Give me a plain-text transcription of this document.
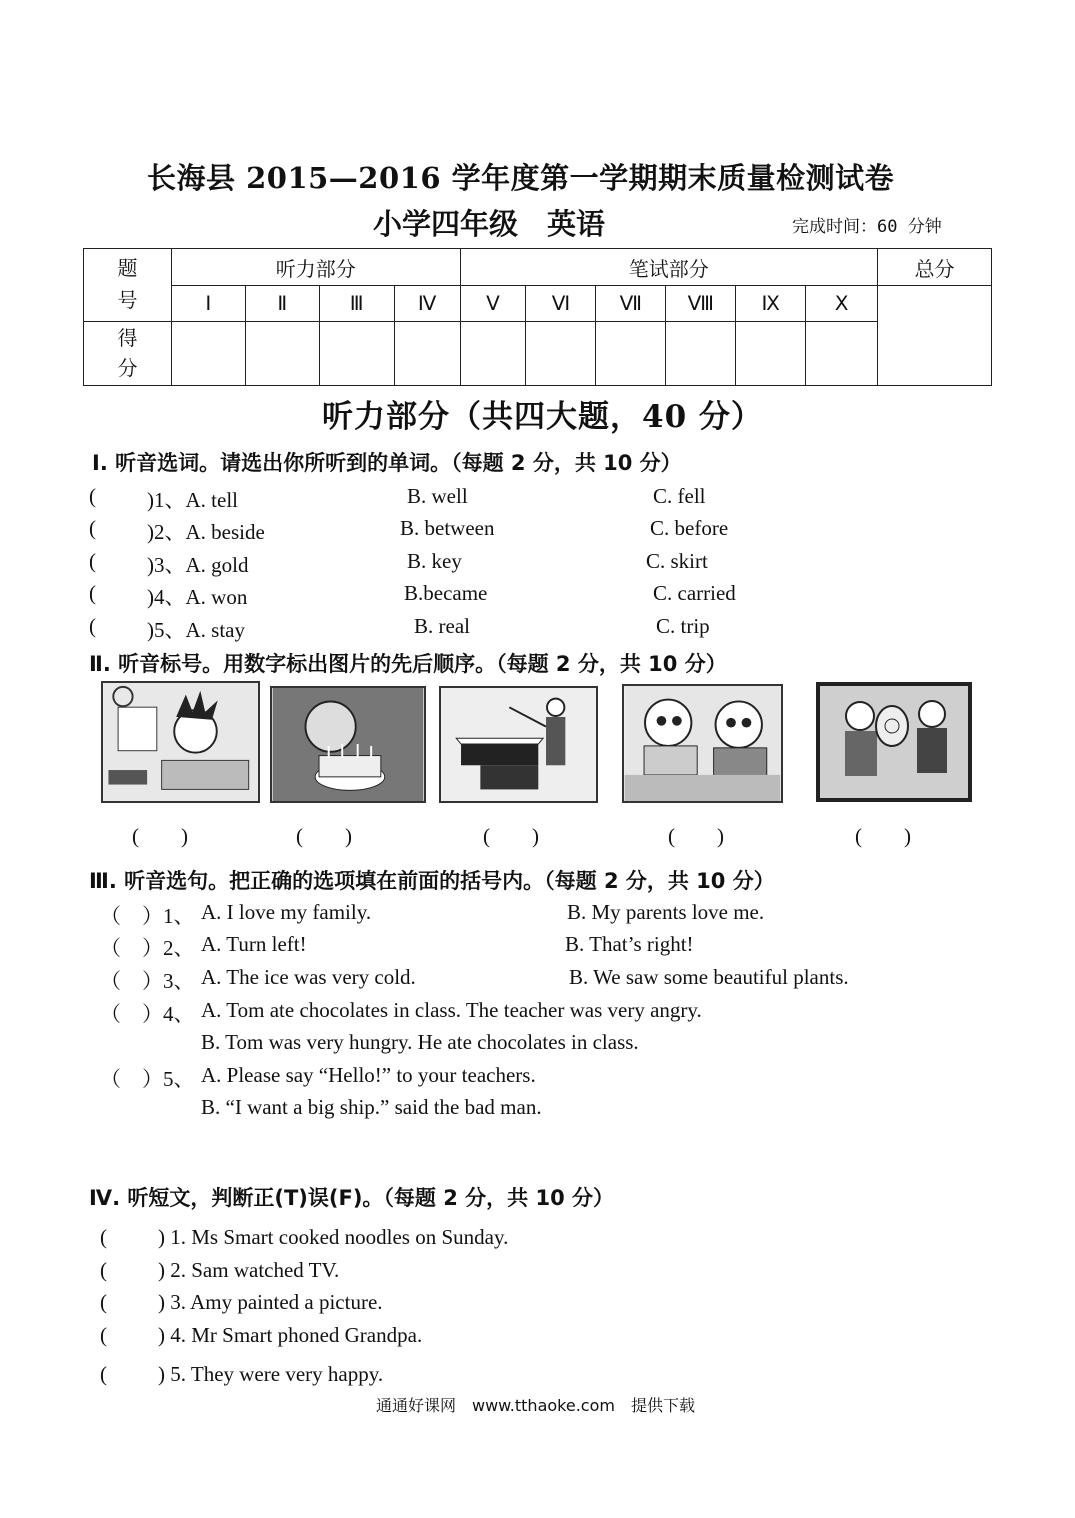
长海县 2015—2016 学年度第一学期期末质量检测试卷
小学四年级　英语	完成时间：60 分钟
题号	听力部分				笔试部分						总分
	Ⅰ	Ⅱ	Ⅲ	Ⅳ	Ⅴ	Ⅵ	Ⅶ	Ⅷ	Ⅸ	Ⅹ	
得分											
听力部分（共四大题，40 分）
Ⅰ. 听音选词。请选出你所听到的单词。（每题 2 分，共 10 分）
( )1、A. tell	B. well	C. fell
( )2、A. beside	B. between	C. before
( )3、A. gold	B. key	C. skirt
( )4、A. won	B.became	C. carried
( )5、A. stay	B. real	C. trip
Ⅱ. 听音标号。用数字标出图片的先后顺序。（每题 2 分，共 10 分）
(　　)	(　　)	(　　)	(　　)	(　　)
Ⅲ. 听音选句。把正确的选项填在前面的括号内。（每题 2 分，共 10 分）
（　）1、 A. I love my family.	B. My parents love me.
（　）2、 A. Turn left!	B. That’s right!
（　）3、 A. The ice was very cold.	B. We saw some beautiful plants.
（　）4、 A. Tom ate chocolates in class. The teacher was very angry.
B. Tom was very hungry. He ate chocolates in class.
（　）5、 A. Please say “Hello!” to your teachers.
B. “I want a big ship.” said the bad man.
Ⅳ. 听短文，判断正(T)误(F)。（每题 2 分，共 10 分）
( ) 1. Ms Smart cooked noodles on Sunday.
( ) 2. Sam watched TV.
( ) 3. Amy painted a picture.
( ) 4. Mr Smart phoned Grandpa.
( ) 5. They were very happy.
通通好课网　www.tthaoke.com　提供下载
